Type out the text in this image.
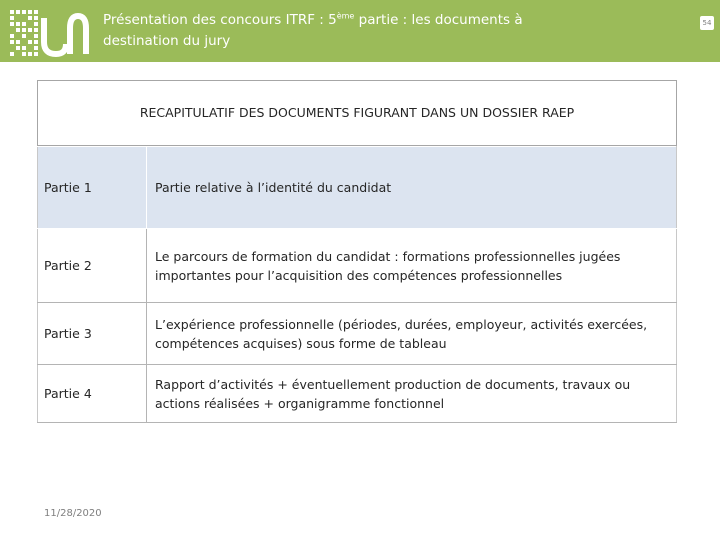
Présentation des concours ITRF : 5ème partie : les documents à destination du jury
54
RECAPITULATIF DES DOCUMENTS FIGURANT DANS UN DOSSIER RAEP
Partie 1	Partie relative à l’identité du candidat
Partie 2	Le parcours de formation du candidat : formations professionnelles jugées importantes pour l’acquisition des compétences professionnelles
Partie 3	L’expérience professionnelle (périodes, durées, employeur, activités exercées, compétences acquises) sous forme de tableau
Partie 4	Rapport d’activités + éventuellement production de documents, travaux ou actions réalisées + organigramme fonctionnel
11/28/2020
